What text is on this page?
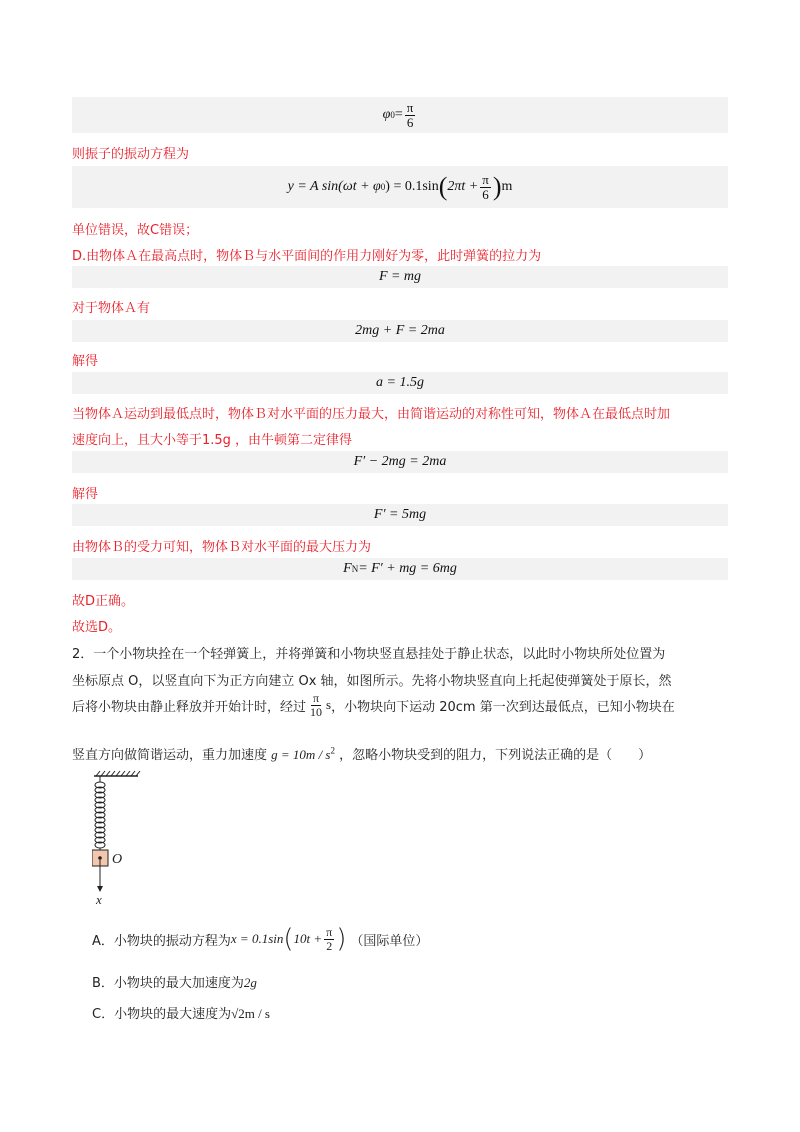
φ $0 = \frac{\pi}{6}$
则振子的振动方程为
y = A sin(ωt + φ 0 ) = 0.1sin ( $2\pi t + \frac{\pi}{6}$ ) m
单位错误，故C错误；
D.由物体Ａ在最高点时，物体Ｂ与水平面间的作用力刚好为零，此时弹簧的拉力为
F = mg
对于物体Ａ有
2mg + F = 2ma
解得
a = 1.5g
当物体Ａ运动到最低点时，物体Ｂ对水平面的压力最大，由简谐运动的对称性可知，物体Ａ在最低点时加
速度向上，且大小等于1.5g ，由牛顿第二定律得
F′ − 2mg = 2ma
解得
F′ = 5mg
由物体Ｂ的受力可知，物体Ｂ对水平面的最大压力为
F N = F′ + mg = 6mg
故D正确。
故选D。
2．一个小物块拴在一个轻弹簧上，并将弹簧和小物块竖直悬挂处于静止状态，以此时小物块所处位置为
坐标原点 O，以竖直向下为正方向建立 Ox 轴，如图所示。先将小物块竖直向上托起使弹簧处于原长，然
后将小物块由静止释放并开始计时，经过 $\frac{\pi}{10}$ s ，小物块向下运动 20cm 第一次到达最低点，已知小物块在
竖直方向做简谐运动，重力加速度 $g = 10m / s^2$ ，忽略小物块受到的阻力，下列说法正确的是（　　）
O
x
A．小物块的振动方程为 x = 0.1sin ( $10t + \frac{\pi}{2}$ ) （国际单位）
B．小物块的最大加速度为2g
C．小物块的最大速度为√2m / s
